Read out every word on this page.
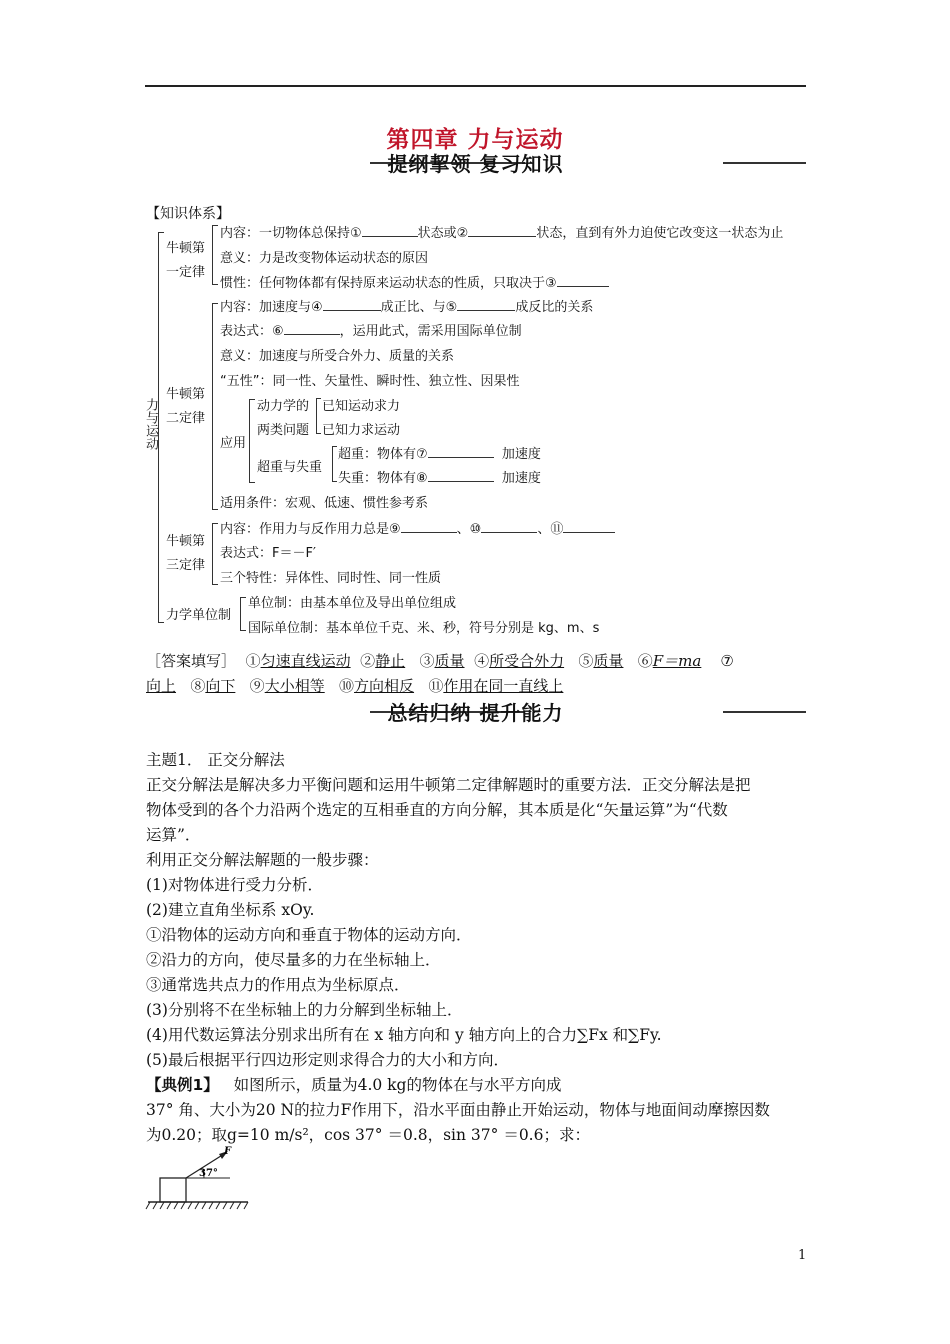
第四章 力与运动
提纲挈领 复习知识
【知识体系】
力与运动
牛顿第
一定律
内容：一切物体总保持①	状态或②	状态，直到有外力迫使它改变这一状态为止
意义：力是改变物体运动状态的原因
惯性：任何物体都有保持原来运动状态的性质，只取决于③
牛顿第
二定律
内容：加速度与④	成正比、与⑤	成反比的关系
表达式：⑥	，运用此式，需采用国际单位制
意义：加速度与所受合外力、质量的关系
“五性”：同一性、矢量性、瞬时性、独立性、因果性
应用
动力学的
两类问题
已知运动求力
已知力求运动
超重与失重
超重：物体有⑦	加速度
失重：物体有⑧	加速度
适用条件：宏观、低速、惯性参考系
牛顿第
三定律
内容：作用力与反作用力总是⑨	、⑩	、⑪
表达式：F＝－F′
三个特性：异体性、同时性、同一性质
力学单位制
单位制：由基本单位及导出单位组成
国际单位制：基本单位千克、米、秒，符号分别是 kg、m、s
［答案填写］ ①匀速直线运动 ②静止 ③质量 ④所受合外力 ⑤质量 ⑥F＝ma ⑦
向上 ⑧向下 ⑨大小相等 ⑩方向相反 ⑪作用在同一直线上
总结归纳 提升能力
主题1． 正交分解法
正交分解法是解决多力平衡问题和运用牛顿第二定律解题时的重要方法．正交分解法是把
物体受到的各个力沿两个选定的互相垂直的方向分解，其本质是化“矢量运算”为“代数
运算”．
利用正交分解法解题的一般步骤：
(1)对物体进行受力分析．
(2)建立直角坐标系 xOy.
①沿物体的运动方向和垂直于物体的运动方向．
②沿力的方向，使尽量多的力在坐标轴上．
③通常选共点力的作用点为坐标原点．
(3)分别将不在坐标轴上的力分解到坐标轴上．
(4)用代数运算法分别求出所有在 x 轴方向和 y 轴方向上的合力∑Fx 和∑Fy.
(5)最后根据平行四边形定则求得合力的大小和方向．
【典例1】 如图所示，质量为4.0 kg的物体在与水平方向成
37° 角、大小为20 N的拉力F作用下，沿水平面由静止开始运动，物体与地面间动摩擦因数
为0.20；取g=10 m/s²，cos 37° ＝0.8，sin 37° ＝0.6；求：
F
37°
1
